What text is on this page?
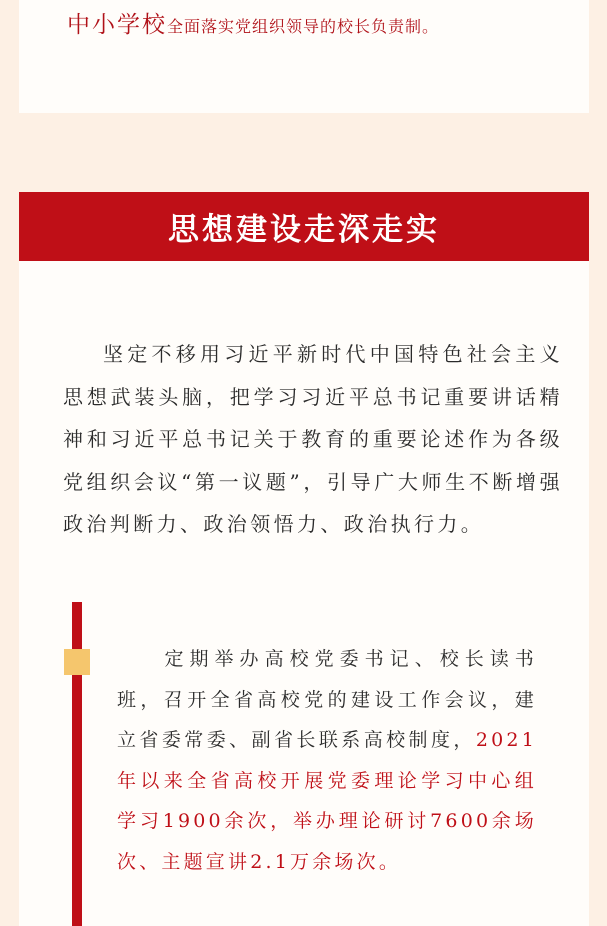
中小学校全面落实党组织领导的校长负责制。
思想建设走深走实

坚定不移用习近平新时代中国特色社会主义思想武装头脑，把学习习近平总书记重要讲话精神和习近平总书记关于教育的重要论述作为各级党组织会议“第一议题”，引导广大师生不断增强政治判断力、政治领悟力、政治执行力。

定期举办高校党委书记、校长读书班，召开全省高校党的建设工作会议，建立省委常委、副省长联系高校制度，2021年以来全省高校开展党委理论学习中心组学习1900余次，举办理论研讨7600余场次、主题宣讲2.1万余场次。
